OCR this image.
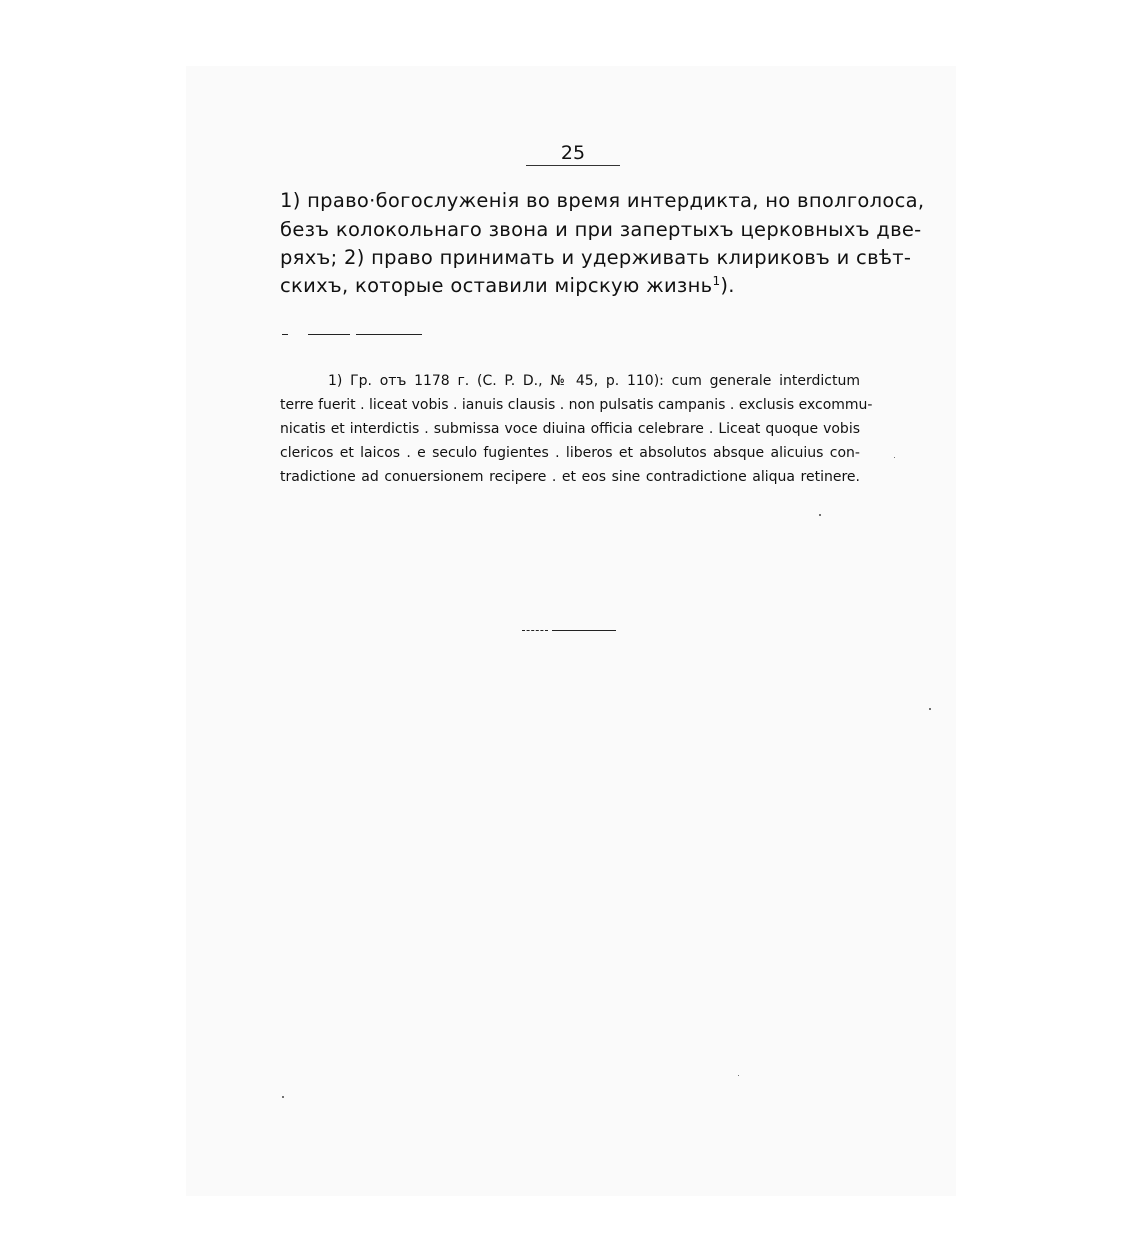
25
1) право·богослуженія во время интердикта, но вполголоса,
безъ колокольнаго звона и при запертыхъ церковныхъ две-
ряхъ; 2) право принимать и удерживать клириковъ и свѣт-
скихъ, которые оставили мірскую жизнь$^1$).
1) Гр. отъ 1178 г. (C. P. D., № 45, p. 110): cum generale interdictum
terre fuerit . liceat vobis . ianuis clausis . non pulsatis campanis . exclusis excommu-
nicatis et interdictis . submissa voce diuina officia celebrare . Liceat quoque vobis
clericos et laicos . e seculo fugientes . liberos et absolutos absque alicuius con-
tradictione ad conuersionem recipere . et eos sine contradictione aliqua retinere.
